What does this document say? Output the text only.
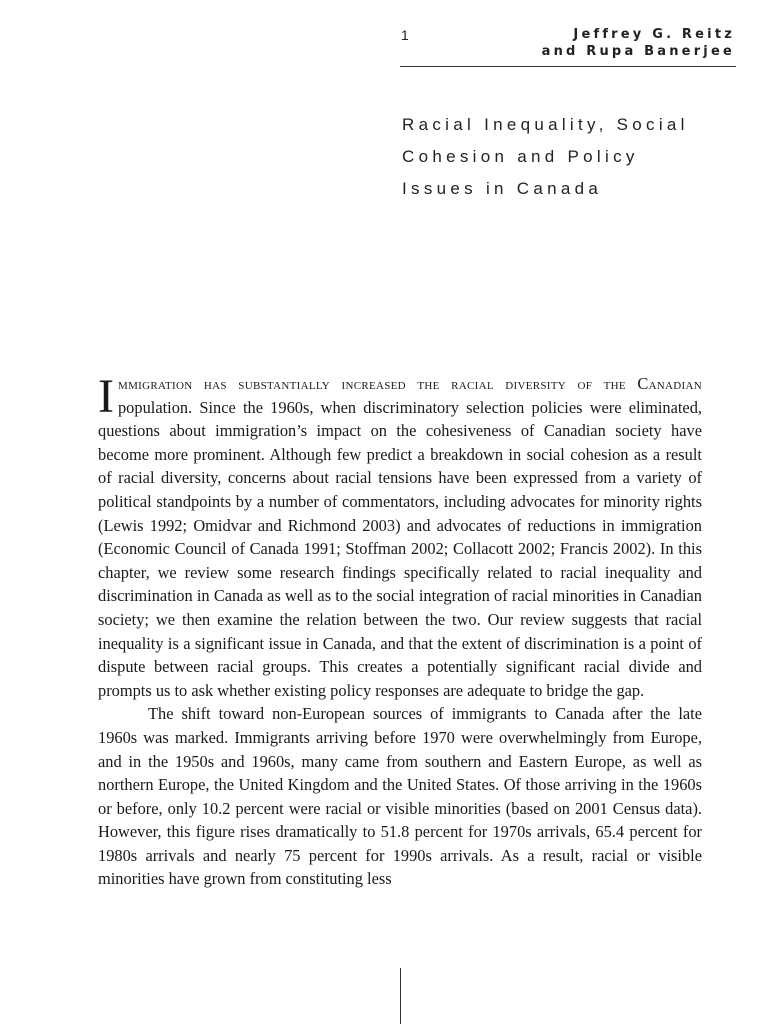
1	Jeffrey G. Reitz
and Rupa Banerjee
Racial Inequality, Social
Cohesion and Policy
Issues in Canada

Immigration has substantially increased the racial diversity of the Canadian population. Since the 1960s, when discriminatory selection policies were eliminated, questions about immigration’s impact on the cohesiveness of Canadian society have become more prominent. Although few predict a breakdown in social cohesion as a result of racial diversity, concerns about racial tensions have been expressed from a variety of political standpoints by a number of commentators, including advocates for minority rights (Lewis 1992; Omidvar and Richmond 2003) and advocates of reductions in immigration (Economic Council of Canada 1991; Stoffman 2002; Collacott 2002; Francis 2002). In this chapter, we review some research findings specifically related to racial inequality and discrimination in Canada as well as to the social integration of racial minorities in Canadian society; we then examine the relation between the two. Our review suggests that racial inequality is a significant issue in Canada, and that the extent of discrimination is a point of dispute between racial groups. This creates a potentially significant racial divide and prompts us to ask whether existing policy responses are adequate to bridge the gap.

The shift toward non-European sources of immigrants to Canada after the late 1960s was marked. Immigrants arriving before 1970 were overwhelmingly from Europe, and in the 1950s and 1960s, many came from southern and Eastern Europe, as well as northern Europe, the United Kingdom and the United States. Of those arriving in the 1960s or before, only 10.2 percent were racial or visible minorities (based on 2001 Census data). However, this figure rises dramatically to 51.8 percent for 1970s arrivals, 65.4 percent for 1980s arrivals and nearly 75 percent for 1990s arrivals. As a result, racial or visible minorities have grown from constituting less
